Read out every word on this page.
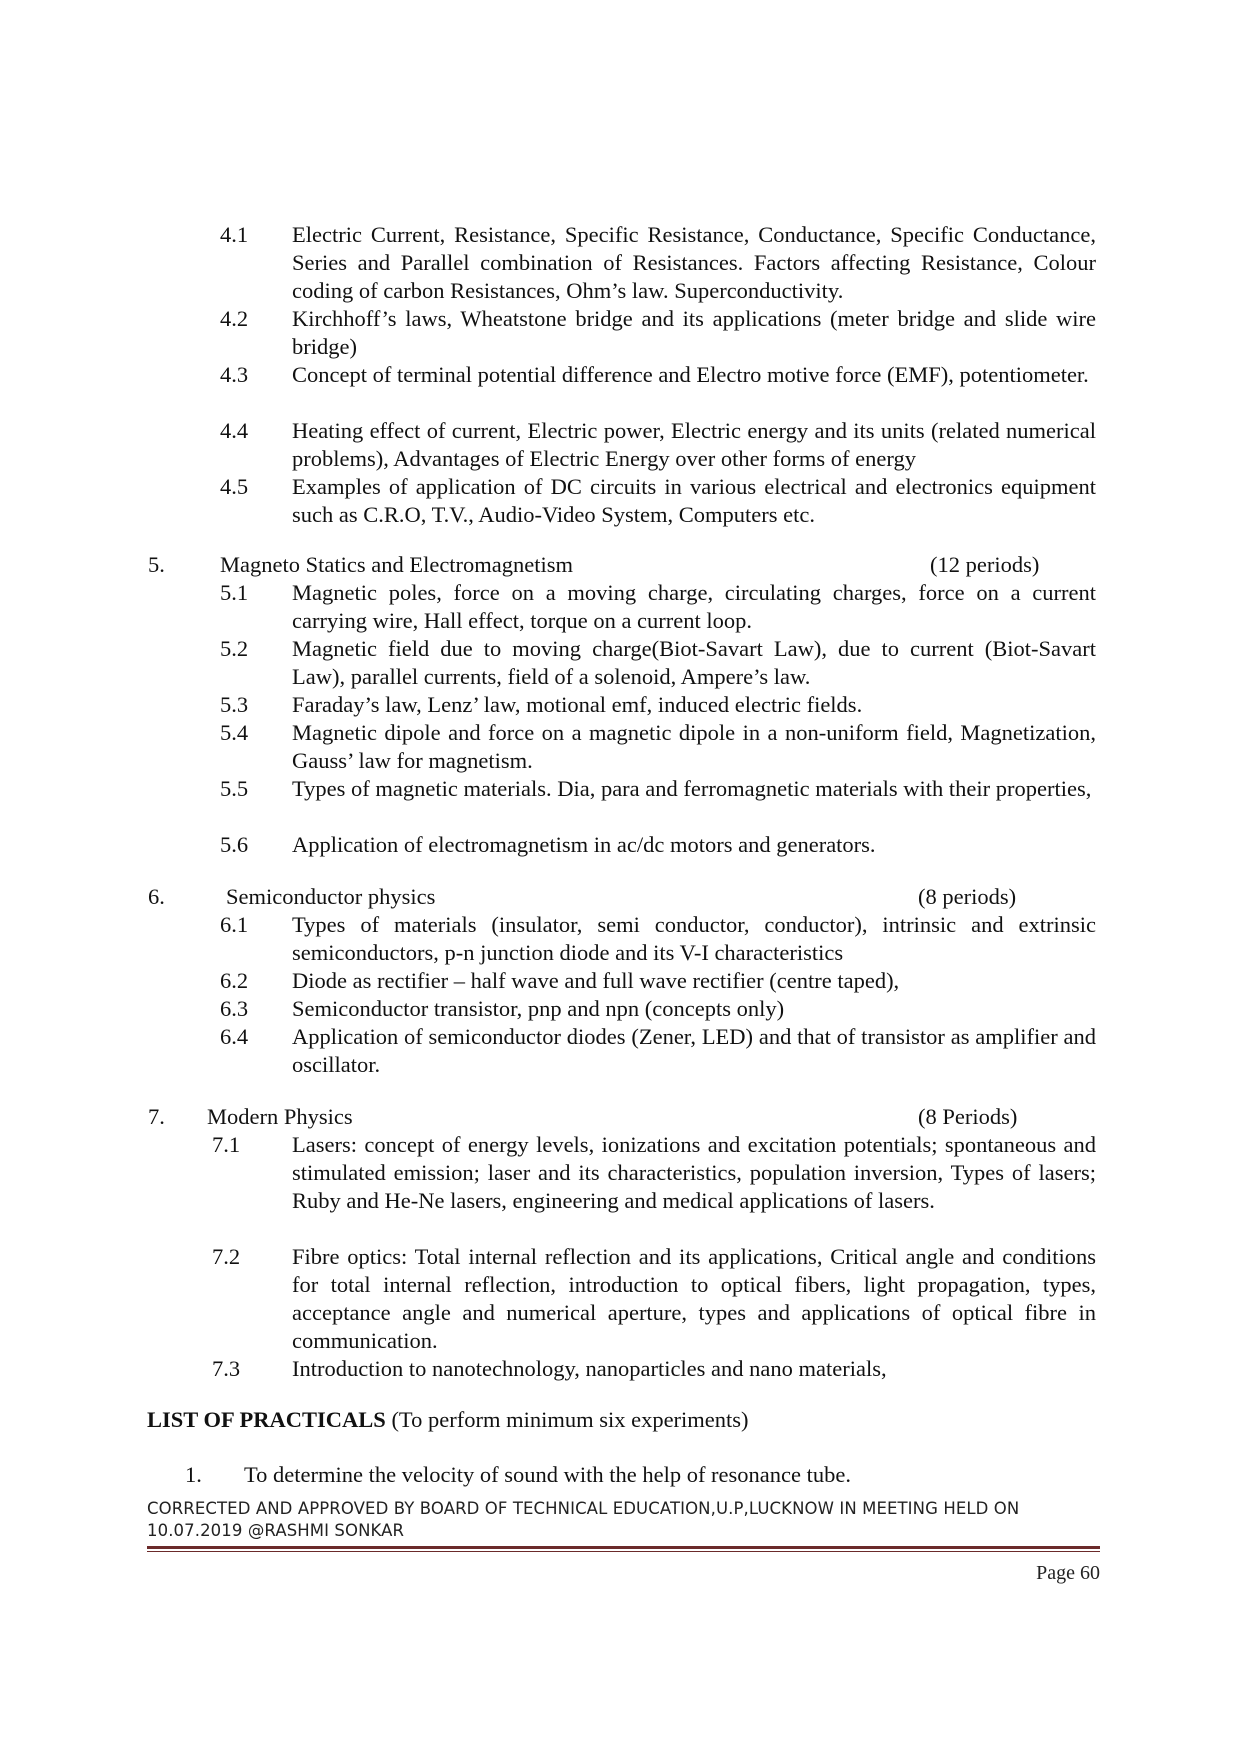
4.1 Electric Current, Resistance, Specific Resistance, Conductance, Specific Conductance, Series and Parallel combination of Resistances. Factors affecting Resistance, Colour coding of carbon Resistances, Ohm’s law. Superconductivity.
4.2 Kirchhoff’s laws, Wheatstone bridge and its applications (meter bridge and slide wire bridge)
4.3 Concept of terminal potential difference and Electro motive force (EMF), potentiometer.
4.4 Heating effect of current, Electric power, Electric energy and its units (related numerical problems), Advantages of Electric Energy over other forms of energy
4.5 Examples of application of DC circuits in various electrical and electronics equipment such as C.R.O, T.V., Audio-Video System, Computers etc.
5. Magneto Statics and Electromagnetism	(12 periods)
5.1 Magnetic poles, force on a moving charge, circulating charges, force on a current carrying wire, Hall effect, torque on a current loop.
5.2 Magnetic field due to moving charge(Biot-Savart Law), due to current (Biot-Savart Law), parallel currents, field of a solenoid, Ampere’s law.
5.3 Faraday’s law, Lenz’ law, motional emf, induced electric fields.
5.4 Magnetic dipole and force on a magnetic dipole in a non-uniform field, Magnetization, Gauss’ law for magnetism.
5.5 Types of magnetic materials. Dia, para and ferromagnetic materials with their properties,
5.6 Application of electromagnetism in ac/dc motors and generators.
6.	Semiconductor physics	(8 periods)
6.1 Types of materials (insulator, semi conductor, conductor), intrinsic and extrinsic semiconductors, p-n junction diode and its V-I characteristics
6.2 Diode as rectifier – half wave and full wave rectifier (centre taped),
6.3 Semiconductor transistor, pnp and npn (concepts only)
6.4 Application of semiconductor diodes (Zener, LED) and that of transistor as amplifier and oscillator.
7. Modern Physics	(8 Periods)
7.1 Lasers: concept of energy levels, ionizations and excitation potentials; spontaneous and stimulated emission; laser and its characteristics, population inversion, Types of lasers; Ruby and He-Ne lasers, engineering and medical applications of lasers.
7.2 Fibre optics: Total internal reflection and its applications, Critical angle and conditions for total internal reflection, introduction to optical fibers, light propagation, types, acceptance angle and numerical aperture, types and applications of optical fibre in communication.
7.3 Introduction to nanotechnology, nanoparticles and nano materials,
LIST OF PRACTICALS (To perform minimum six experiments)
1. To determine the velocity of sound with the help of resonance tube.
CORRECTED AND APPROVED BY BOARD OF TECHNICAL EDUCATION,U.P,LUCKNOW IN MEETING HELD ON 10.07.2019 @RASHMI SONKAR
Page 60
